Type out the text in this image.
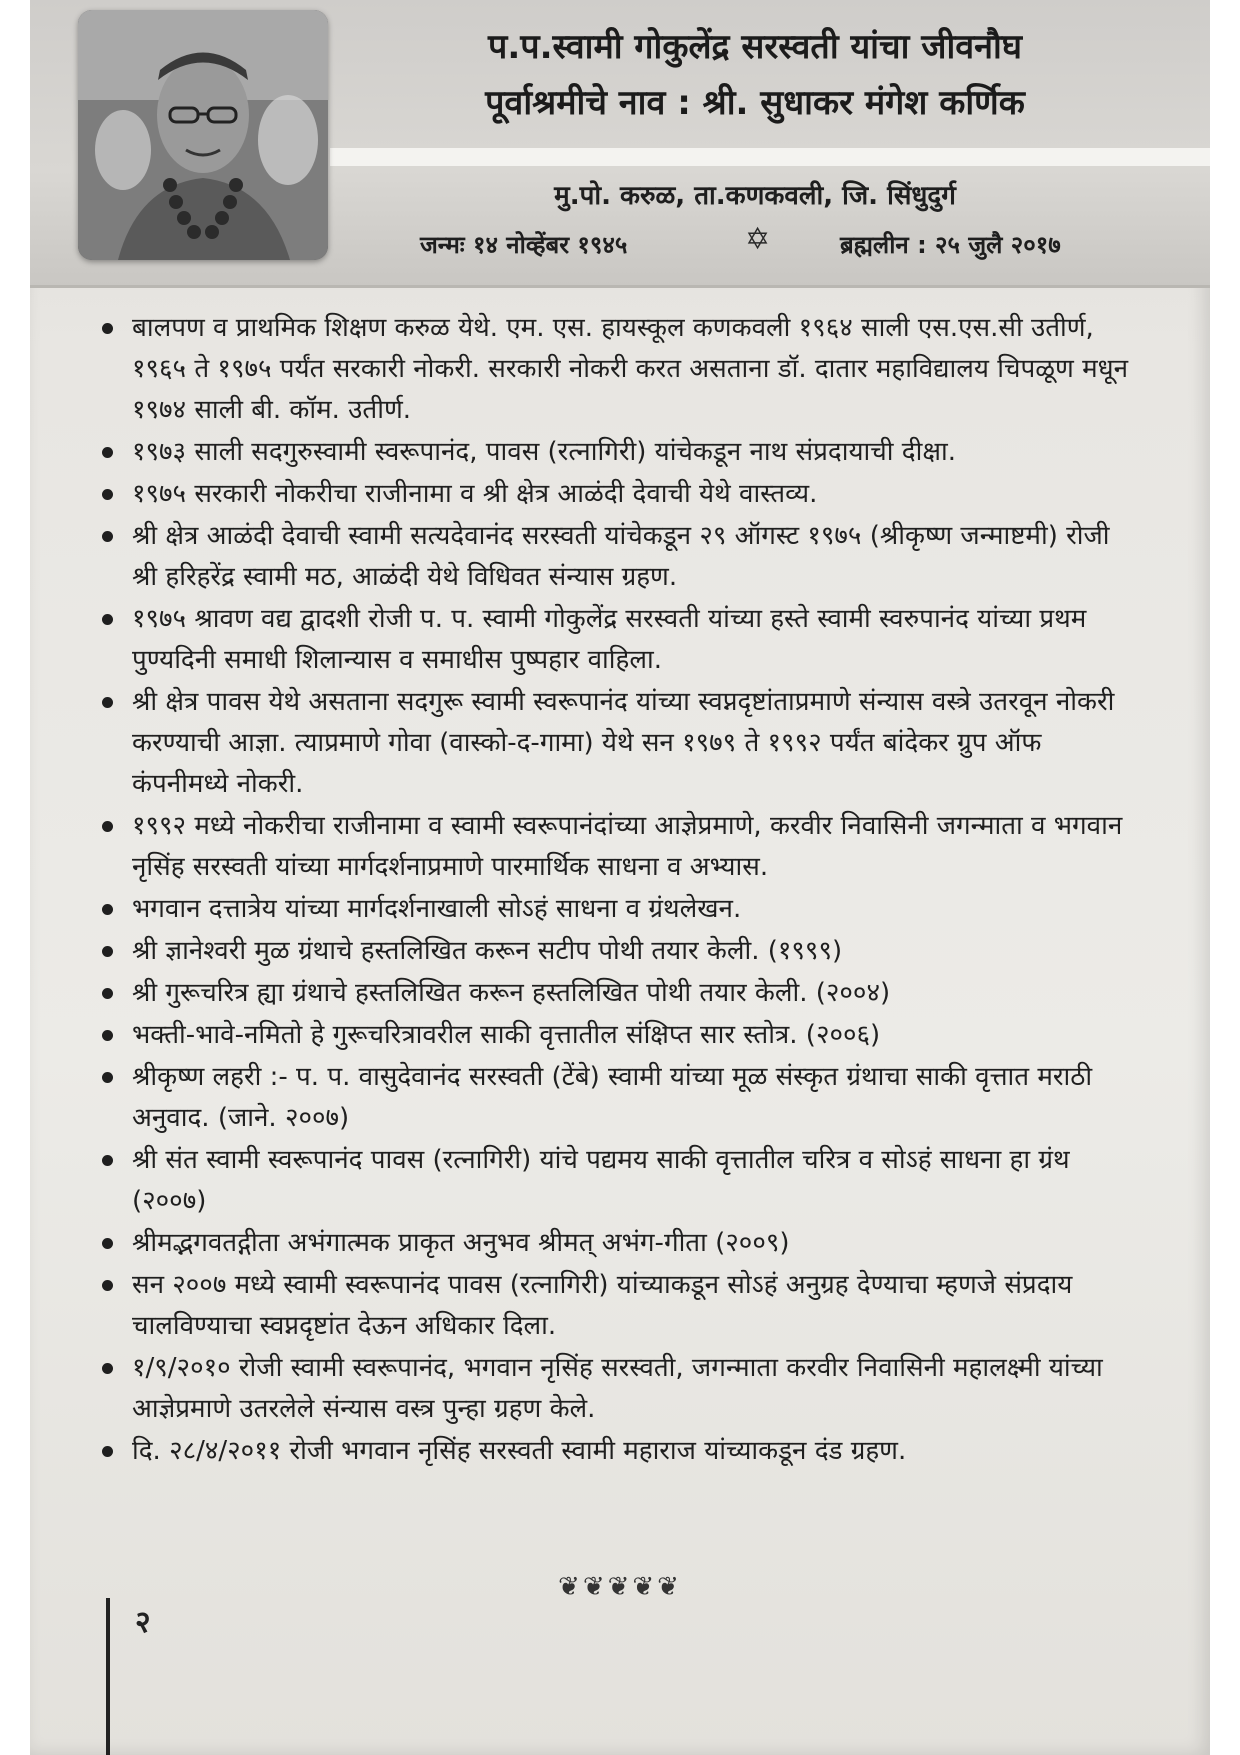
प.प.स्वामी गोकुलेंद्र सरस्वती यांचा जीवनौघ
पूर्वाश्रमीचे नाव : श्री. सुधाकर मंगेश कर्णिक
मु.पो. करुळ, ता.कणकवली, जि. सिंधुदुर्ग
जन्मः १४ नोव्हेंबर १९४५	✡	ब्रह्मलीन : २५ जुलै २०१७
बालपण व प्राथमिक शिक्षण करुळ येथे. एम. एस. हायस्कूल कणकवली १९६४ साली एस.एस.सी उतीर्ण, १९६५ ते १९७५ पर्यंत सरकारी नोकरी. सरकारी नोकरी करत असताना डॉ. दातार महाविद्यालय चिपळूण मधून १९७४ साली बी. कॉम. उतीर्ण.
१९७३ साली सदगुरुस्वामी स्वरूपानंद, पावस (रत्नागिरी) यांचेकडून नाथ संप्रदायाची दीक्षा.
१९७५ सरकारी नोकरीचा राजीनामा व श्री क्षेत्र आळंदी देवाची येथे वास्तव्य.
श्री क्षेत्र आळंदी देवाची स्वामी सत्यदेवानंद सरस्वती यांचेकडून २९ ऑगस्ट १९७५ (श्रीकृष्ण जन्माष्टमी) रोजी श्री हरिहरेंद्र स्वामी मठ, आळंदी येथे विधिवत संन्यास ग्रहण.
१९७५ श्रावण वद्य द्वादशी रोजी प. प. स्वामी गोकुलेंद्र सरस्वती यांच्या हस्ते स्वामी स्वरुपानंद यांच्या प्रथम पुण्यदिनी समाधी शिलान्यास व समाधीस पुष्पहार वाहिला.
श्री क्षेत्र पावस येथे असताना सदगुरू स्वामी स्वरूपानंद यांच्या स्वप्नदृष्टांताप्रमाणे संन्यास वस्त्रे उतरवून नोकरी करण्याची आज्ञा. त्याप्रमाणे गोवा (वास्को-द-गामा) येथे सन १९७९ ते १९९२ पर्यंत बांदेकर ग्रुप ऑफ कंपनीमध्ये नोकरी.
१९९२ मध्ये नोकरीचा राजीनामा व स्वामी स्वरूपानंदांच्या आज्ञेप्रमाणे, करवीर निवासिनी जगन्माता व भगवान नृसिंह सरस्वती यांच्या मार्गदर्शनाप्रमाणे पारमार्थिक साधना व अभ्यास.
भगवान दत्तात्रेय यांच्या मार्गदर्शनाखाली सोऽहं साधना व ग्रंथलेखन.
श्री ज्ञानेश्वरी मुळ ग्रंथाचे हस्तलिखित करून सटीप पोथी तयार केली. (१९९९)
श्री गुरूचरित्र ह्या ग्रंथाचे हस्तलिखित करून हस्तलिखित पोथी तयार केली. (२००४)
भक्ती-भावे-नमितो हे गुरूचरित्रावरील साकी वृत्तातील संक्षिप्त सार स्तोत्र. (२००६)
श्रीकृष्ण लहरी :- प. प. वासुदेवानंद सरस्वती (टेंबे) स्वामी यांच्या मूळ संस्कृत ग्रंथाचा साकी वृत्तात मराठी अनुवाद. (जाने. २००७)
श्री संत स्वामी स्वरूपानंद पावस (रत्नागिरी) यांचे पद्यमय साकी वृत्तातील चरित्र व सोऽहं साधना हा ग्रंथ (२००७)
श्रीमद्भगवतद्गीता अभंगात्मक प्राकृत अनुभव श्रीमत् अभंग-गीता (२००९)
सन २००७ मध्ये स्वामी स्वरूपानंद पावस (रत्नागिरी) यांच्याकडून सोऽहं अनुग्रह देण्याचा म्हणजे संप्रदाय चालविण्याचा स्वप्नदृष्टांत देऊन अधिकार दिला.
१/९/२०१० रोजी स्वामी स्वरूपानंद, भगवान नृसिंह सरस्वती, जगन्माता करवीर निवासिनी महालक्ष्मी यांच्या आज्ञेप्रमाणे उतरलेले संन्यास वस्त्र पुन्हा ग्रहण केले.
दि. २८/४/२०११ रोजी भगवान नृसिंह सरस्वती स्वामी महाराज यांच्याकडून दंड ग्रहण.
❦❦❦❦❦
२
